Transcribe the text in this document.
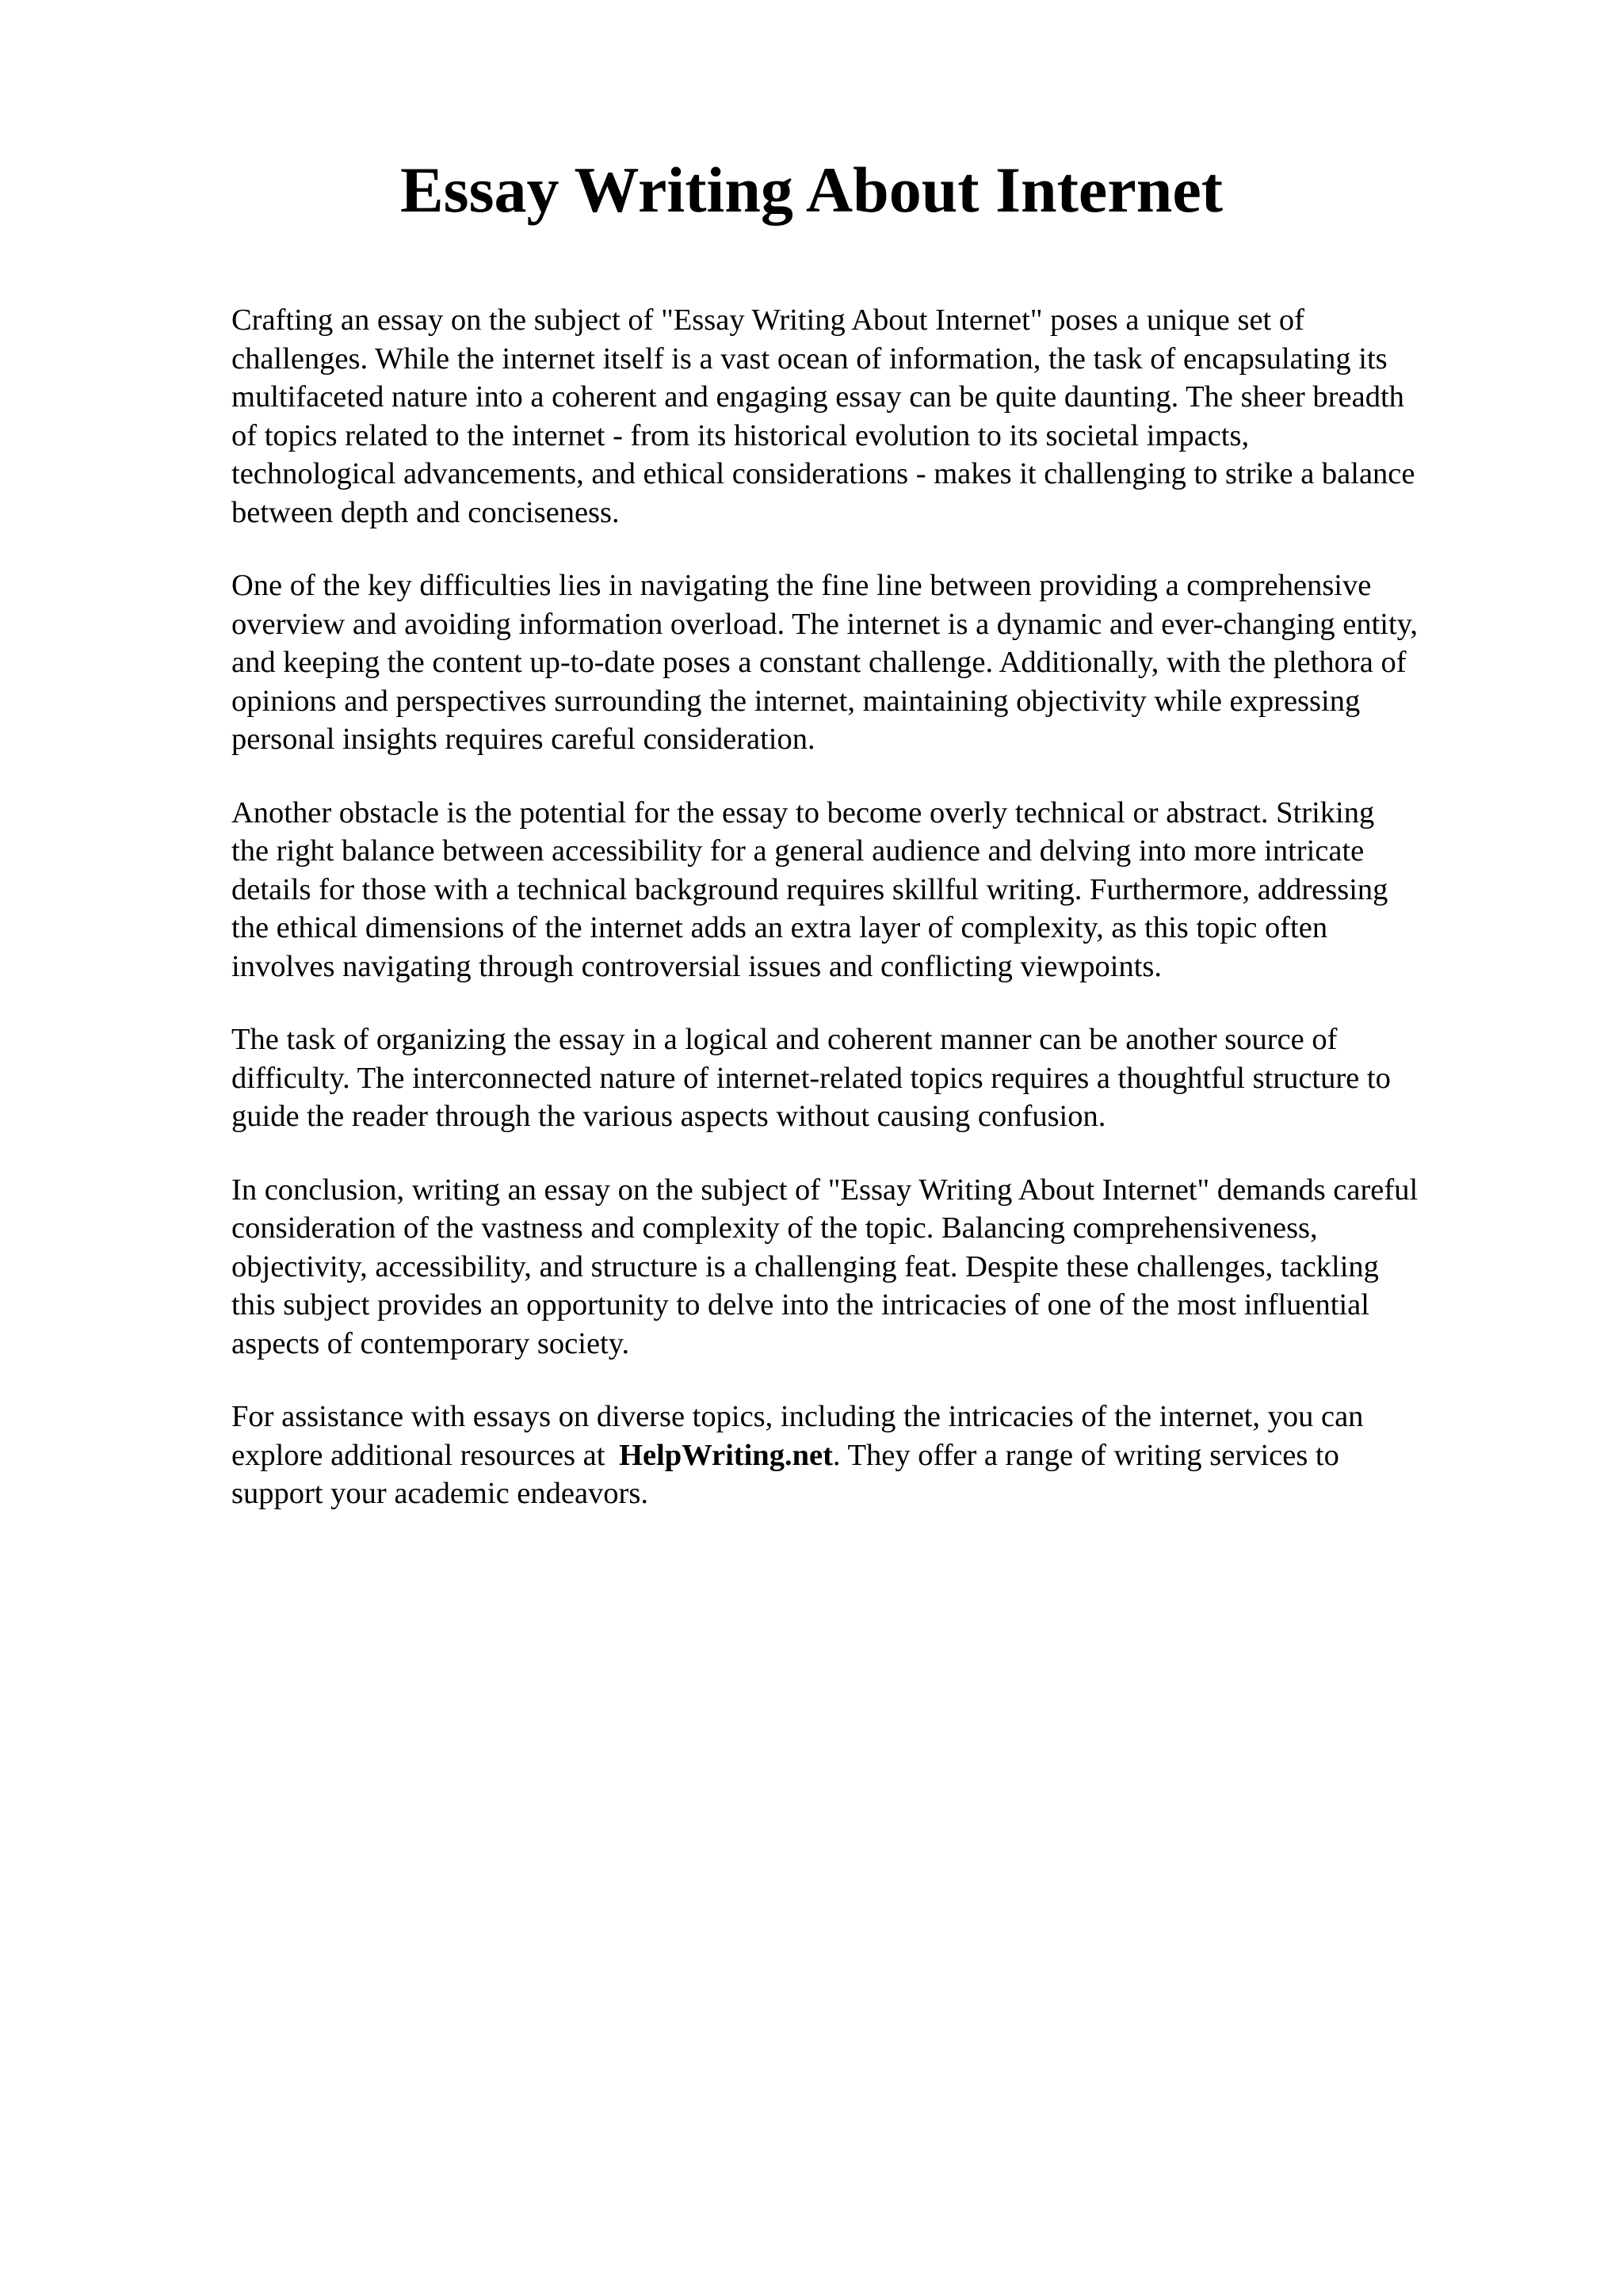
Essay Writing About Internet

Crafting an essay on the subject of "Essay Writing About Internet" poses a unique set of
challenges. While the internet itself is a vast ocean of information, the task of encapsulating its
multifaceted nature into a coherent and engaging essay can be quite daunting. The sheer breadth
of topics related to the internet - from its historical evolution to its societal impacts,
technological advancements, and ethical considerations - makes it challenging to strike a balance
between depth and conciseness.

One of the key difficulties lies in navigating the fine line between providing a comprehensive
overview and avoiding information overload. The internet is a dynamic and ever-changing entity,
and keeping the content up-to-date poses a constant challenge. Additionally, with the plethora of
opinions and perspectives surrounding the internet, maintaining objectivity while expressing
personal insights requires careful consideration.

Another obstacle is the potential for the essay to become overly technical or abstract. Striking
the right balance between accessibility for a general audience and delving into more intricate
details for those with a technical background requires skillful writing. Furthermore, addressing
the ethical dimensions of the internet adds an extra layer of complexity, as this topic often
involves navigating through controversial issues and conflicting viewpoints.

The task of organizing the essay in a logical and coherent manner can be another source of
difficulty. The interconnected nature of internet-related topics requires a thoughtful structure to
guide the reader through the various aspects without causing confusion.

In conclusion, writing an essay on the subject of "Essay Writing About Internet" demands careful
consideration of the vastness and complexity of the topic. Balancing comprehensiveness,
objectivity, accessibility, and structure is a challenging feat. Despite these challenges, tackling
this subject provides an opportunity to delve into the intricacies of one of the most influential
aspects of contemporary society.

For assistance with essays on diverse topics, including the intricacies of the internet, you can
explore additional resources at HelpWriting.net. They offer a range of writing services to
support your academic endeavors.
